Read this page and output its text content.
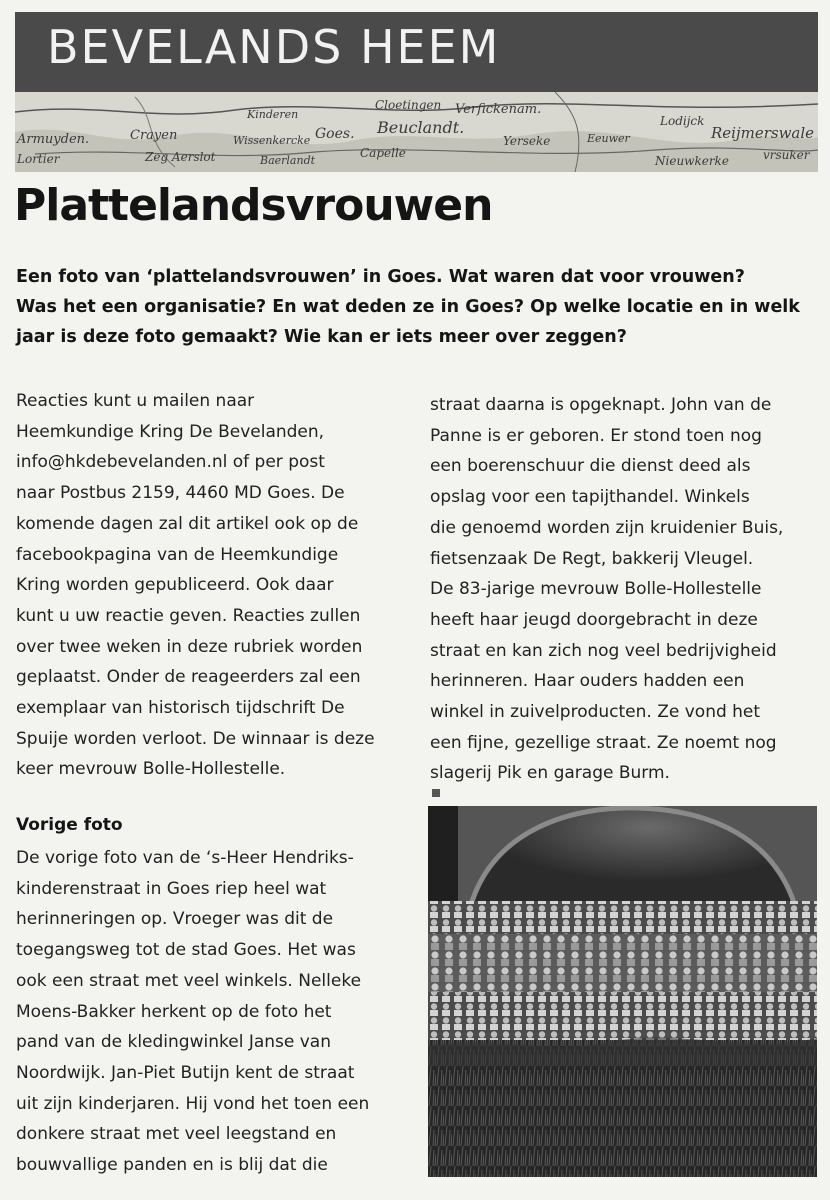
BEVELANDS HEEM
Armuyden.
Lortier
Crayen
Zeg Aerslot
Kinderen
Wissenkercke
Baerlandt
Goes.
Cloetingen
Beuclandt.
Capelle
Verfickenam.
Yerseke	Eeuwer
Nieuwkerke
Lodijck
Reijmerswale
vrsuker
Plattelandsvrouwen
Een foto van ‘plattelandsvrouwen’ in Goes. Wat waren dat voor vrouwen?
Was het een organisatie? En wat deden ze in Goes? Op welke locatie en in welk
jaar is deze foto gemaakt? Wie kan er iets meer over zeggen?
Reacties kunt u mailen naar
Heemkundige Kring De Bevelanden,
info@hkdebevelanden.nl of per post
naar Postbus 2159, 4460 MD Goes. De
komende dagen zal dit artikel ook op de
facebookpagina van de Heemkundige
Kring worden gepubliceerd. Ook daar
kunt u uw reactie geven. Reacties zullen
over twee weken in deze rubriek worden
geplaatst. Onder de reageerders zal een
exemplaar van historisch tijdschrift De
Spuije worden verloot. De winnaar is deze
keer mevrouw Bolle-Hollestelle.
Vorige foto
De vorige foto van de ‘s-Heer Hendriks-
kinderenstraat in Goes riep heel wat
herinneringen op. Vroeger was dit de
toegangsweg tot de stad Goes. Het was
ook een straat met veel winkels. Nelleke
Moens-Bakker herkent op de foto het
pand van de kledingwinkel Janse van
Noordwijk. Jan-Piet Butijn kent de straat
uit zijn kinderjaren. Hij vond het toen een
donkere straat met veel leegstand en
bouwvallige panden en is blij dat die
straat daarna is opgeknapt. John van de
Panne is er geboren. Er stond toen nog
een boerenschuur die dienst deed als
opslag voor een tapijthandel. Winkels
die genoemd worden zijn kruidenier Buis,
fietsenzaak De Regt, bakkerij Vleugel.
De 83-jarige mevrouw Bolle-Hollestelle
heeft haar jeugd doorgebracht in deze
straat en kan zich nog veel bedrijvigheid
herinneren. Haar ouders hadden een
winkel in zuivelproducten. Ze vond het
een fijne, gezellige straat. Ze noemt nog
slagerij Pik en garage Burm.
